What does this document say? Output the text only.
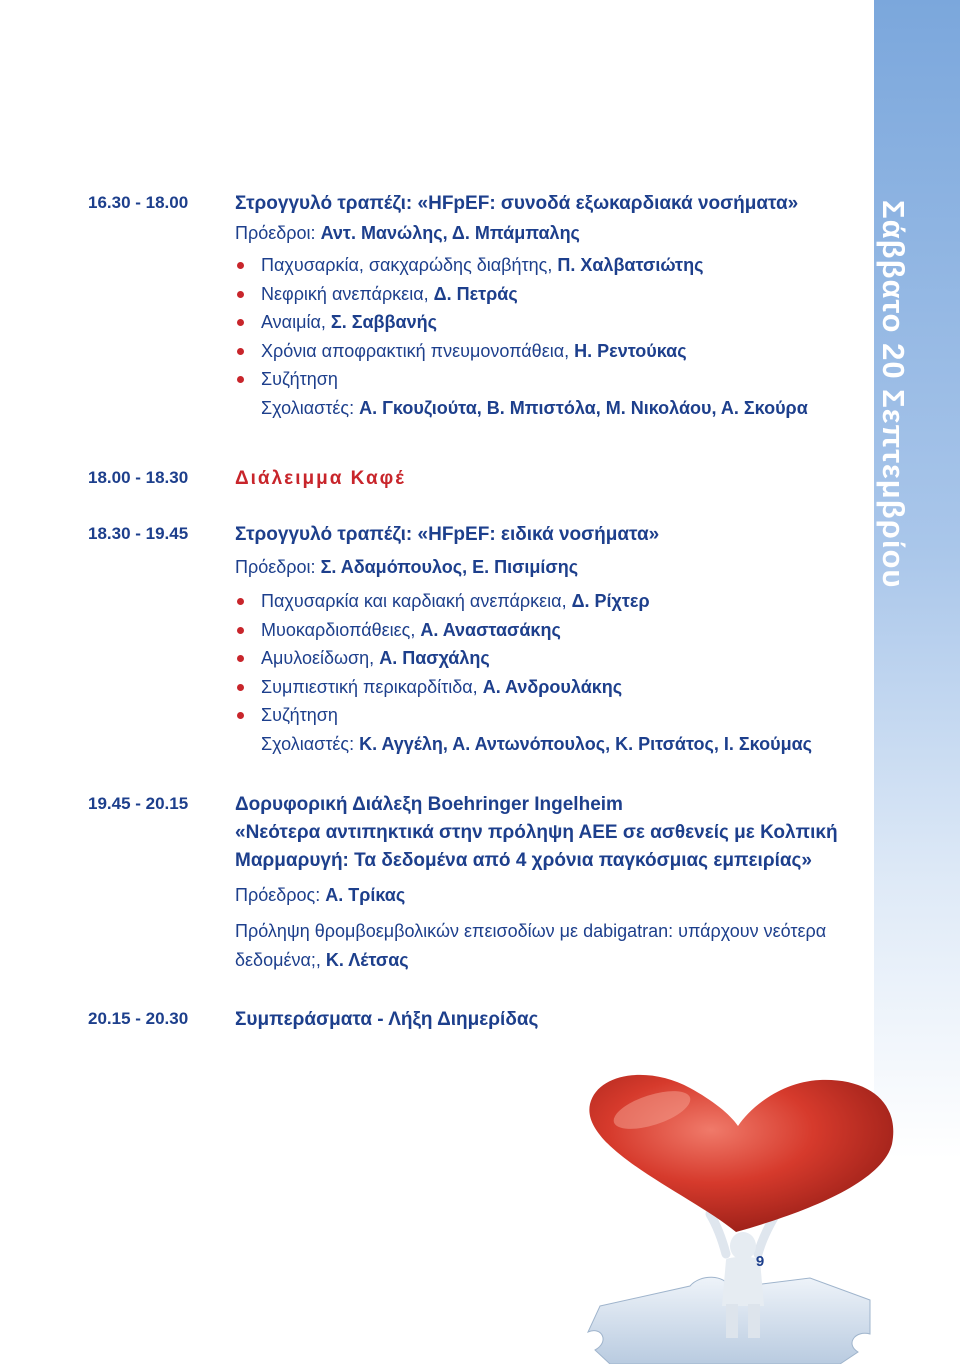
Σάββατο 20 Σεπτεμβρίου
16.30 - 18.00 Στρογγυλό τραπέζι: «HFpEF: συνοδά εξωκαρδιακά νοσήματα»
Πρόεδροι: Αντ. Μανώλης, Δ. Μπάμπαλης
Παχυσαρκία, σακχαρώδης διαβήτης, Π. Χαλβατσιώτης
Νεφρική ανεπάρκεια, Δ. Πετράς
Αναιμία, Σ. Σαββανής
Χρόνια αποφρακτική πνευμονοπάθεια, Η. Ρεντούκας
Συζήτηση
Σχολιαστές: Α. Γκουζιούτα, Β. Μπιστόλα, Μ. Νικολάου, Α. Σκούρα
18.00 - 18.30 Διάλειμμα Καφέ
18.30 - 19.45 Στρογγυλό τραπέζι: «HFpEF: ειδικά νοσήματα»
Πρόεδροι: Σ. Αδαμόπουλος, Ε. Πισιμίσης
Παχυσαρκία και καρδιακή ανεπάρκεια, Δ. Ρίχτερ
Μυοκαρδιοπάθειες, Α. Αναστασάκης
Αμυλοείδωση, Α. Πασχάλης
Συμπιεστική περικαρδίτιδα, Α. Ανδρουλάκης
Συζήτηση
Σχολιαστές: Κ. Αγγέλη, Α. Αντωνόπουλος, Κ. Ριτσάτος, Ι. Σκούμας
19.45 - 20.15 Δορυφορική Διάλεξη Boehringer Ingelheim
«Νεότερα αντιπηκτικά στην πρόληψη ΑΕΕ σε ασθενείς με Κολπική
Μαρμαρυγή: Τα δεδομένα από 4 χρόνια παγκόσμιας εμπειρίας»
Πρόεδρος: Α. Τρίκας
Πρόληψη θρομβοεμβολικών επεισοδίων με dabigatran: υπάρχουν νεότερα
δεδομένα;, Κ. Λέτσας
20.15 - 20.30 Συμπεράσματα - Λήξη Διημερίδας
9
